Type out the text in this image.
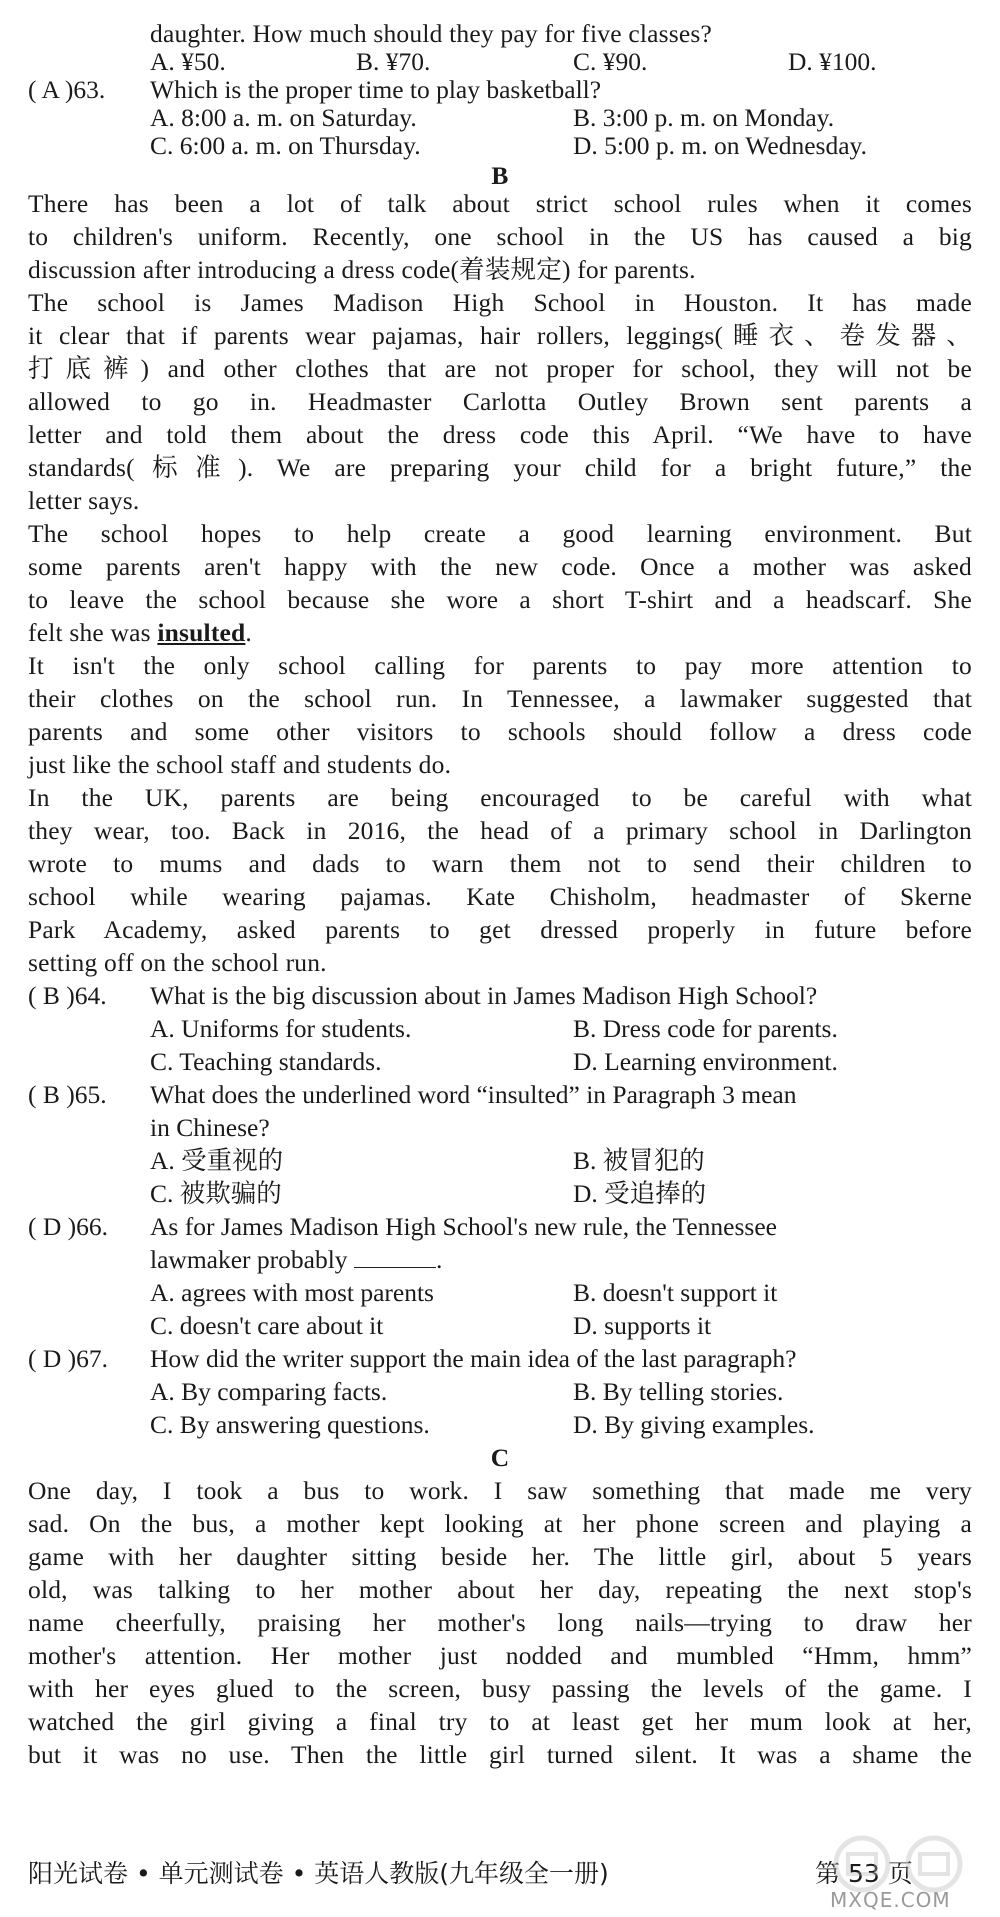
daughter. How much should they pay for five classes?
A. ¥50.	B. ¥70.	C. ¥90.	D. ¥100.
( A )63. Which is the proper time to play basketball?
A. 8:00 a. m. on Saturday.	B. 3:00 p. m. on Monday.
C. 6:00 a. m. on Thursday.	D. 5:00 p. m. on Wednesday.
B
There has been a lot of talk about strict school rules when it comes
to children's uniform. Recently, one school in the US has caused a big
discussion after introducing a dress code(着装规定) for parents.
The school is James Madison High School in Houston. It has made
it clear that if parents wear pajamas, hair rollers, leggings(睡衣、卷发器、
打底裤) and other clothes that are not proper for school, they will not be
allowed to go in. Headmaster Carlotta Outley Brown sent parents a
letter and told them about the dress code this April. “We have to have
standards(标准). We are preparing your child for a bright future,” the
letter says.
The school hopes to help create a good learning environment. But
some parents aren't happy with the new code. Once a mother was asked
to leave the school because she wore a short T-shirt and a headscarf. She
felt she was insulted.
It isn't the only school calling for parents to pay more attention to
their clothes on the school run. In Tennessee, a lawmaker suggested that
parents and some other visitors to schools should follow a dress code
just like the school staff and students do.
In the UK, parents are being encouraged to be careful with what
they wear, too. Back in 2016, the head of a primary school in Darlington
wrote to mums and dads to warn them not to send their children to
school while wearing pajamas. Kate Chisholm, headmaster of Skerne
Park Academy, asked parents to get dressed properly in future before
setting off on the school run.
( B )64. What is the big discussion about in James Madison High School?
A. Uniforms for students.	B. Dress code for parents.
C. Teaching standards.	D. Learning environment.
( B )65. What does the underlined word “insulted” in Paragraph 3 mean
in Chinese?
A. 受重视的	B. 被冒犯的
C. 被欺骗的	D. 受追捧的
( D )66. As for James Madison High School's new rule, the Tennessee
lawmaker probably	.
A. agrees with most parents	B. doesn't support it
C. doesn't care about it	D. supports it
( D )67. How did the writer support the main idea of the last paragraph?
A. By comparing facts.	B. By telling stories.
C. By answering questions.	D. By giving examples.
C
One day, I took a bus to work. I saw something that made me very
sad. On the bus, a mother kept looking at her phone screen and playing a
game with her daughter sitting beside her. The little girl, about 5 years
old, was talking to her mother about her day, repeating the next stop's
name cheerfully, praising her mother's long nails—trying to draw her
mother's attention. Her mother just nodded and mumbled “Hmm, hmm”
with her eyes glued to the screen, busy passing the levels of the game. I
watched the girl giving a final try to at least get her mum look at her,
but it was no use. Then the little girl turned silent. It was a shame the
阳光试卷 • 单元测试卷 • 英语人教版(九年级全一册)	第 53 页
MXQE.COM
